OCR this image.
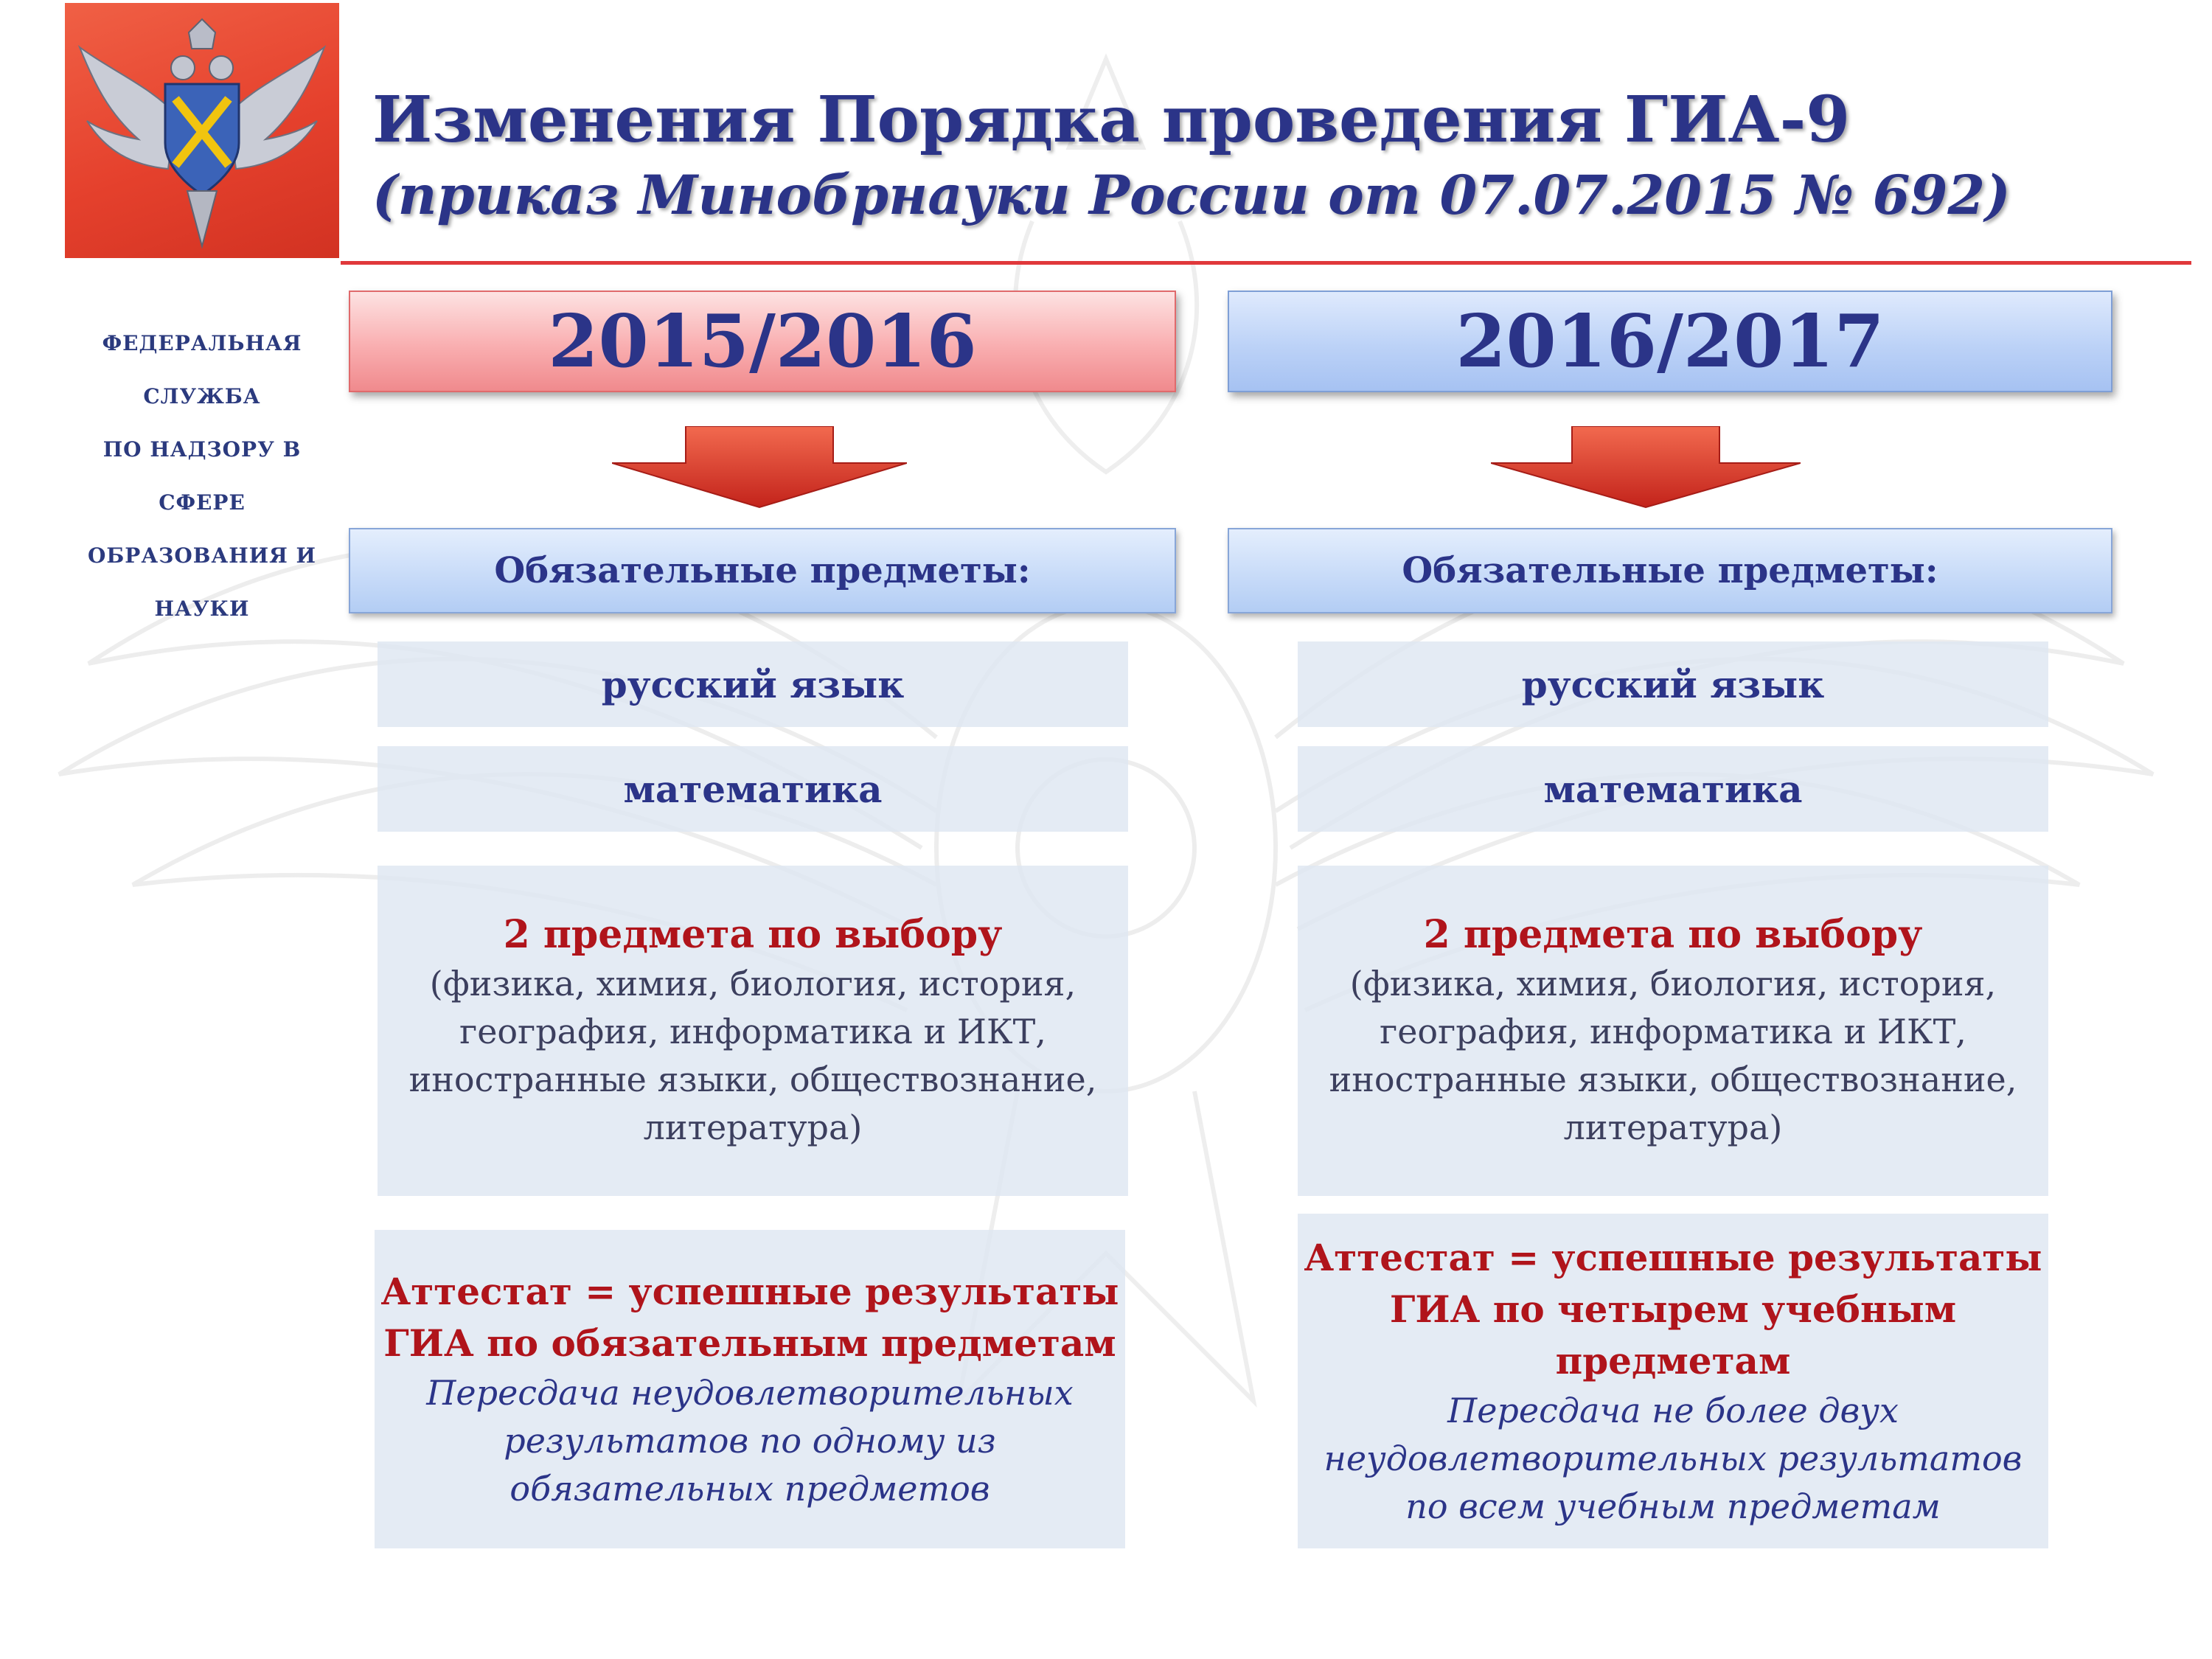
ФЕДЕРАЛЬНАЯ СЛУЖБА
ПО НАДЗОРУ В СФЕРЕ
ОБРАЗОВАНИЯ И НАУКИ
Изменения Порядка проведения ГИА-9
(приказ Минобрнауки России от 07.07.2015 № 692)
2015/2016	2016/2017
Обязательные предметы:	Обязательные предметы:
русский язык
математика
2 предмета по выбору
(физика, химия, биология, история,
география, информатика и ИКТ,
иностранные языки, обществознание,
литература)
Аттестат = успешные результаты
ГИА по обязательным предметам
Пересдача неудовлетворительных
результатов по одному из
обязательных предметов
русский язык
математика
2 предмета по выбору
(физика, химия, биология, история,
география, информатика и ИКТ,
иностранные языки, обществознание,
литература)
Аттестат = успешные результаты
ГИА по четырем учебным
предметам
Пересдача не более двух
неудовлетворительных результатов
по всем учебным предметам
